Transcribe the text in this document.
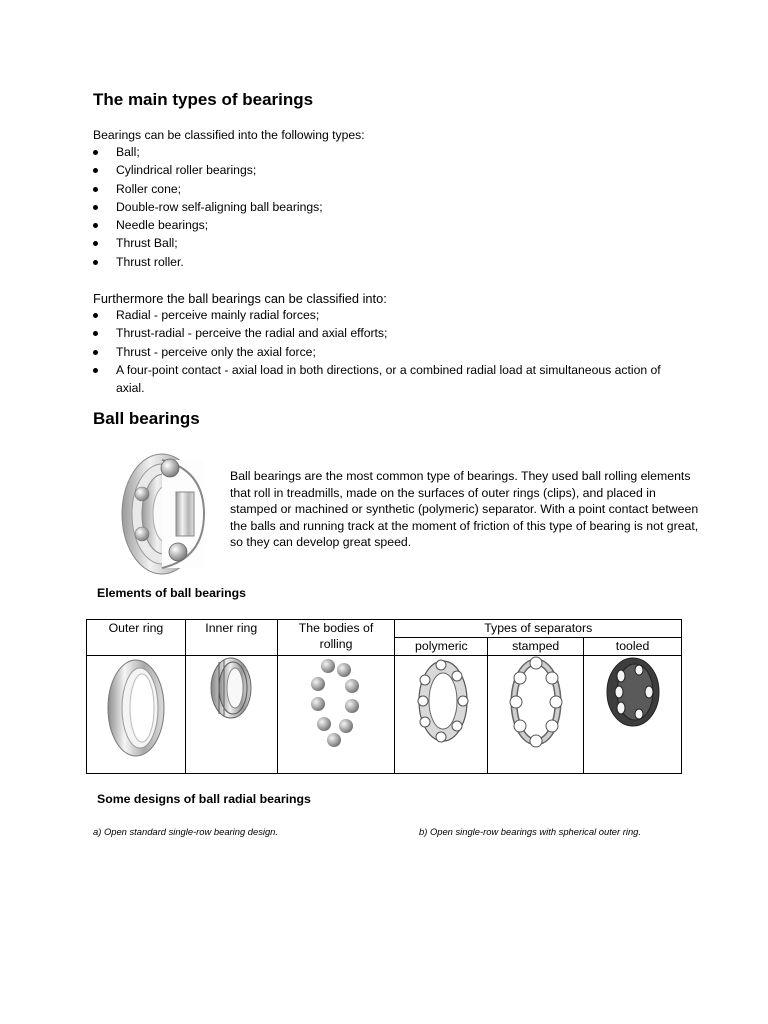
The main types of bearings

Bearings can be classified into the following types:

Ball;
Cylindrical roller bearings;
Roller cone;
Double-row self-aligning ball bearings;
Needle bearings;
Thrust Ball;
Thrust roller.

Furthermore the ball bearings can be classified into:

Radial - perceive mainly radial forces;
Thrust-radial - perceive the radial and axial efforts;
Thrust - perceive only the axial force;
A four-point contact - axial load in both directions, or a combined radial load at simultaneous action of axial.
Ball bearings

Ball bearings are the most common type of bearings. They used ball rolling elements that roll in treadmills, made on the surfaces of outer rings (clips), and placed in stamped or machined or synthetic (polymeric) separator. With a point contact between the balls and running track at the moment of friction of this type of bearing is not great, so they can develop great speed.

Elements of ball bearings

Outer ring	Inner ring	The bodies of rolling	Types of separators		
			polymeric	stamped	tooled

Some designs of ball radial bearings

a) Open standard single-row bearing design.	b) Open single-row bearings with spherical outer ring.
